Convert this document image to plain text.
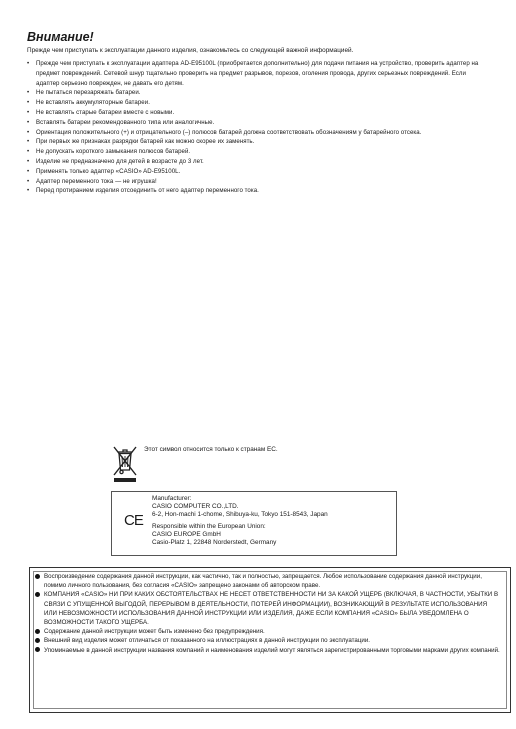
Внимание!
Прежде чем приступать к эксплуатации данного изделия, ознакомьтесь со следующей важной информацией.
• Прежде чем приступать к эксплуатации адаптера AD-E95100L (приобретается дополнительно) для подачи питания на устройство, проверить адаптер на предмет повреждений. Сетевой шнур тщательно проверить на предмет разрывов, порезов, оголения провода, других серьезных повреждений. Если адаптер серьезно поврежден, не давать его детям.
• Не пытаться перезаряжать батареи.
• Не вставлять аккумуляторные батареи.
• Не вставлять старые батареи вместе с новыми.
• Вставлять батареи рекомендованного типа или аналогичные.
• Ориентация положительного (+) и отрицательного (–) полюсов батарей должна соответствовать обозначениям у батарейного отсека.
• При первых же признаках разрядки батарей как можно скорее их заменять.
• Не допускать короткого замыкания полюсов батарей.
• Изделие не предназначено для детей в возрасте до 3 лет.
• Применять только адаптер «CASIO» AD-E95100L.
• Адаптер переменного тока — не игрушка!
• Перед протиранием изделия отсоединить от него адаптер переменного тока.
Этот символ относится только к странам ЕС.
CE
Manufacturer:
CASIO COMPUTER CO.,LTD.
6-2, Hon-machi 1-chome, Shibuya-ku, Tokyo 151-8543, Japan
Responsible within the European Union:
CASIO EUROPE GmbH
Casio-Platz 1, 22848 Norderstedt, Germany
Воспроизведение содержания данной инструкции, как частично, так и полностью, запрещается. Любое использование содержания данной инструкции, помимо личного пользования, без согласия «CASIO» запрещено законами об авторском праве.
КОМПАНИЯ «CASIO» НИ ПРИ КАКИХ ОБСТОЯТЕЛЬСТВАХ НЕ НЕСЕТ ОТВЕТСТВЕННОСТИ НИ ЗА КАКОЙ УЩЕРБ (ВКЛЮЧАЯ, В ЧАСТНОСТИ, УБЫТКИ В СВЯЗИ С УПУЩЕННОЙ ВЫГОДОЙ, ПЕРЕРЫВОМ В ДЕЯТЕЛЬНОСТИ, ПОТЕРЕЙ ИНФОРМАЦИИ), ВОЗНИКАЮЩИЙ В РЕЗУЛЬТАТЕ ИСПОЛЬЗОВАНИЯ ИЛИ НЕВОЗМОЖНОСТИ ИСПОЛЬЗОВАНИЯ ДАННОЙ ИНСТРУКЦИИ ИЛИ ИЗДЕЛИЯ, ДАЖЕ ЕСЛИ КОМПАНИЯ «CASIO» БЫЛА УВЕДОМЛЕНА О ВОЗМОЖНОСТИ ТАКОГО УЩЕРБА.
Содержание данной инструкции может быть изменено без предупреждения.
Внешний вид изделия может отличаться от показанного на иллюстрациях в данной инструкции по эксплуатации.
Упоминаемые в данной инструкции названия компаний и наименования изделий могут являться зарегистрированными торговыми марками других компаний.
